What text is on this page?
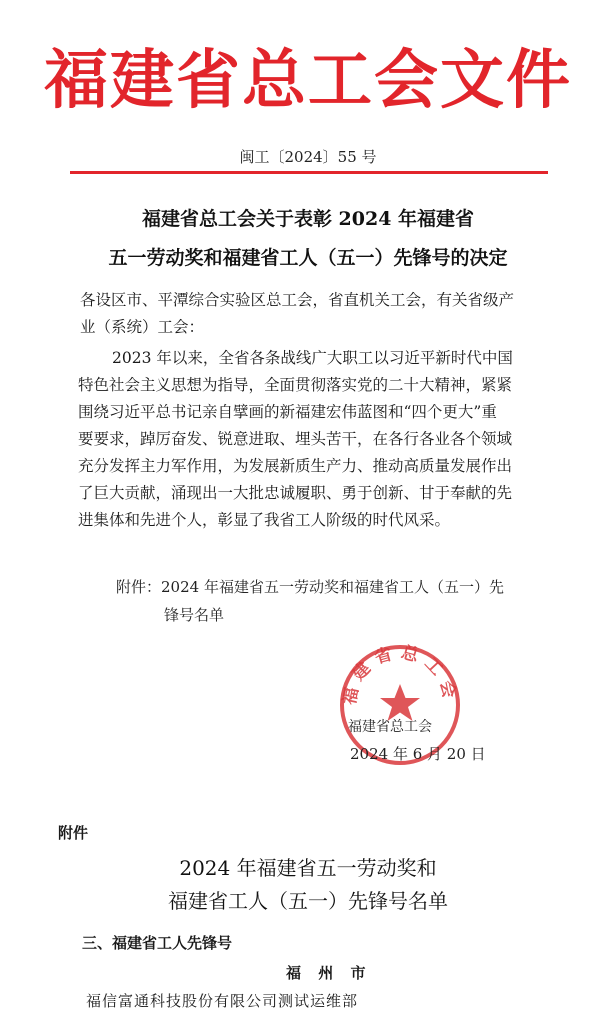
福建省总工会文件
闽工〔2024〕55 号
福建省总工会关于表彰 2024 年福建省
五一劳动奖和福建省工人（五一）先锋号的决定
各设区市、平潭综合实验区总工会，省直机关工会，有关省级产
业（系统）工会：
2023 年以来，全省各条战线广大职工以习近平新时代中国
特色社会主义思想为指导，全面贯彻落实党的二十大精神，紧紧
围绕习近平总书记亲自擘画的新福建宏伟蓝图和“四个更大”重
要要求，踔厉奋发、锐意进取、埋头苦干，在各行各业各个领域
充分发挥主力军作用，为发展新质生产力、推动高质量发展作出
了巨大贡献，涌现出一大批忠诚履职、勇于创新、甘于奉献的先
进集体和先进个人，彰显了我省工人阶级的时代风采。
附件：2024 年福建省五一劳动奖和福建省工人（五一）先
锋号名单
福建省总工会
福建省总工会
2024 年 6 月 20 日
附件
2024 年福建省五一劳动奖和
福建省工人（五一）先锋号名单
三、福建省工人先锋号
福 州 市
福信富通科技股份有限公司测试运维部
